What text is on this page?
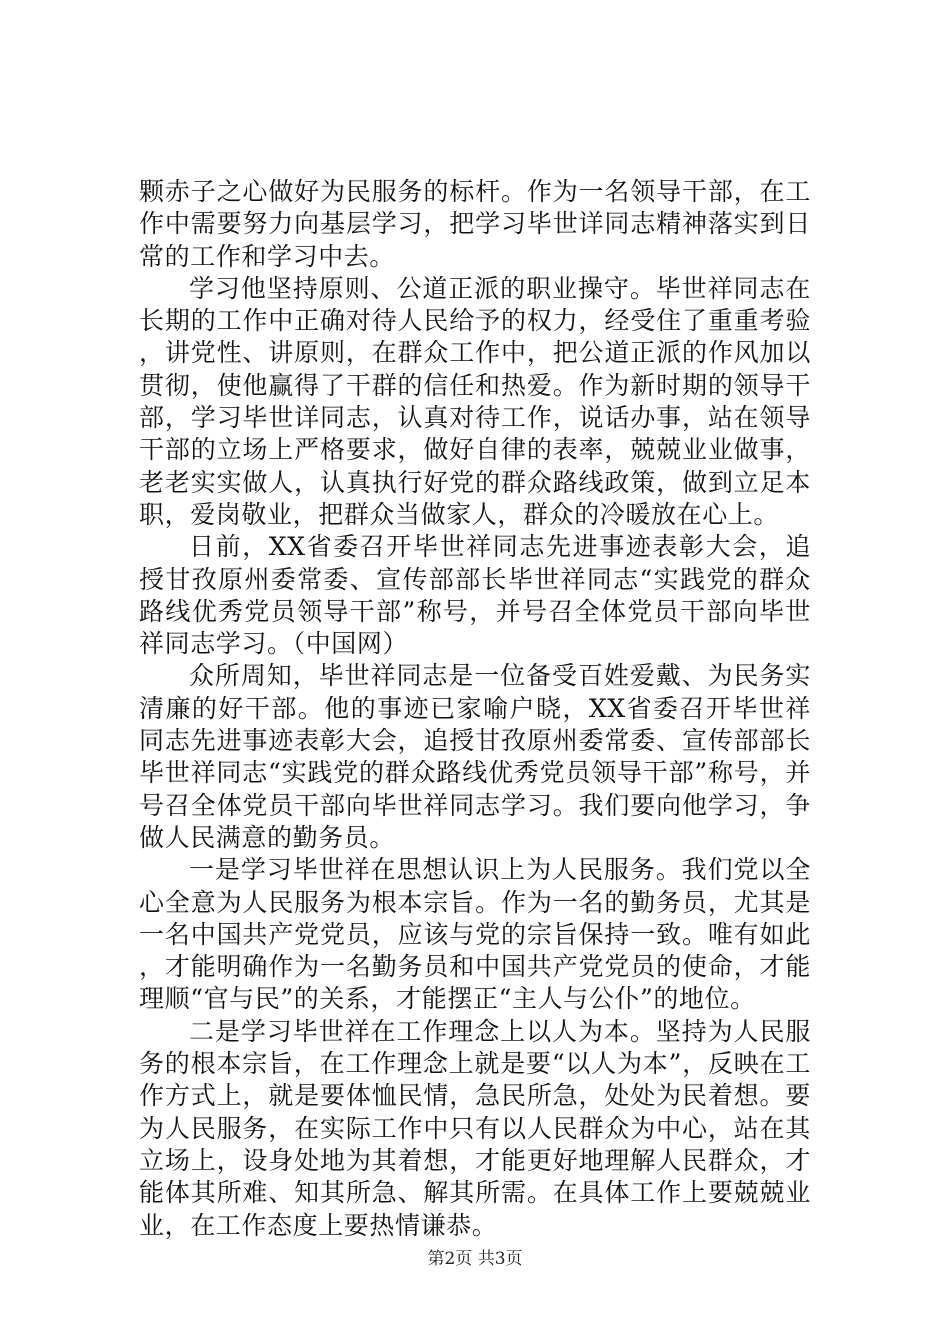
颗赤子之心做好为民服务的标杆。作为一名领导干部，在工作中需要努力向基层学习，把学习毕世详同志精神落实到日常的工作和学习中去。

学习他坚持原则、公道正派的职业操守。毕世祥同志在长期的工作中正确对待人民给予的权力，经受住了重重考验，讲党性、讲原则，在群众工作中，把公道正派的作风加以贯彻，使他赢得了干群的信任和热爱。作为新时期的领导干部，学习毕世详同志，认真对待工作，说话办事，站在领导干部的立场上严格要求，做好自律的表率，兢兢业业做事，老老实实做人，认真执行好党的群众路线政策，做到立足本职，爱岗敬业，把群众当做家人，群众的冷暖放在心上。

日前，XX省委召开毕世祥同志先进事迹表彰大会，追授甘孜原州委常委、宣传部部长毕世祥同志“实践党的群众路线优秀党员领导干部”称号，并号召全体党员干部向毕世祥同志学习。（中国网）

众所周知，毕世祥同志是一位备受百姓爱戴、为民务实清廉的好干部。他的事迹已家喻户晓，XX省委召开毕世祥同志先进事迹表彰大会，追授甘孜原州委常委、宣传部部长毕世祥同志“实践党的群众路线优秀党员领导干部”称号，并号召全体党员干部向毕世祥同志学习。我们要向他学习，争做人民满意的勤务员。

一是学习毕世祥在思想认识上为人民服务。我们党以全心全意为人民服务为根本宗旨。作为一名的勤务员，尤其是一名中国共产党党员，应该与党的宗旨保持一致。唯有如此，才能明确作为一名勤务员和中国共产党党员的使命，才能理顺“官与民”的关系，才能摆正“主人与公仆”的地位。

二是学习毕世祥在工作理念上以人为本。坚持为人民服务的根本宗旨，在工作理念上就是要“以人为本”，反映在工作方式上，就是要体恤民情，急民所急，处处为民着想。要为人民服务，在实际工作中只有以人民群众为中心，站在其立场上，设身处地为其着想，才能更好地理解人民群众，才能体其所难、知其所急、解其所需。在具体工作上要兢兢业业，在工作态度上要热情谦恭。

第2页 共3页
